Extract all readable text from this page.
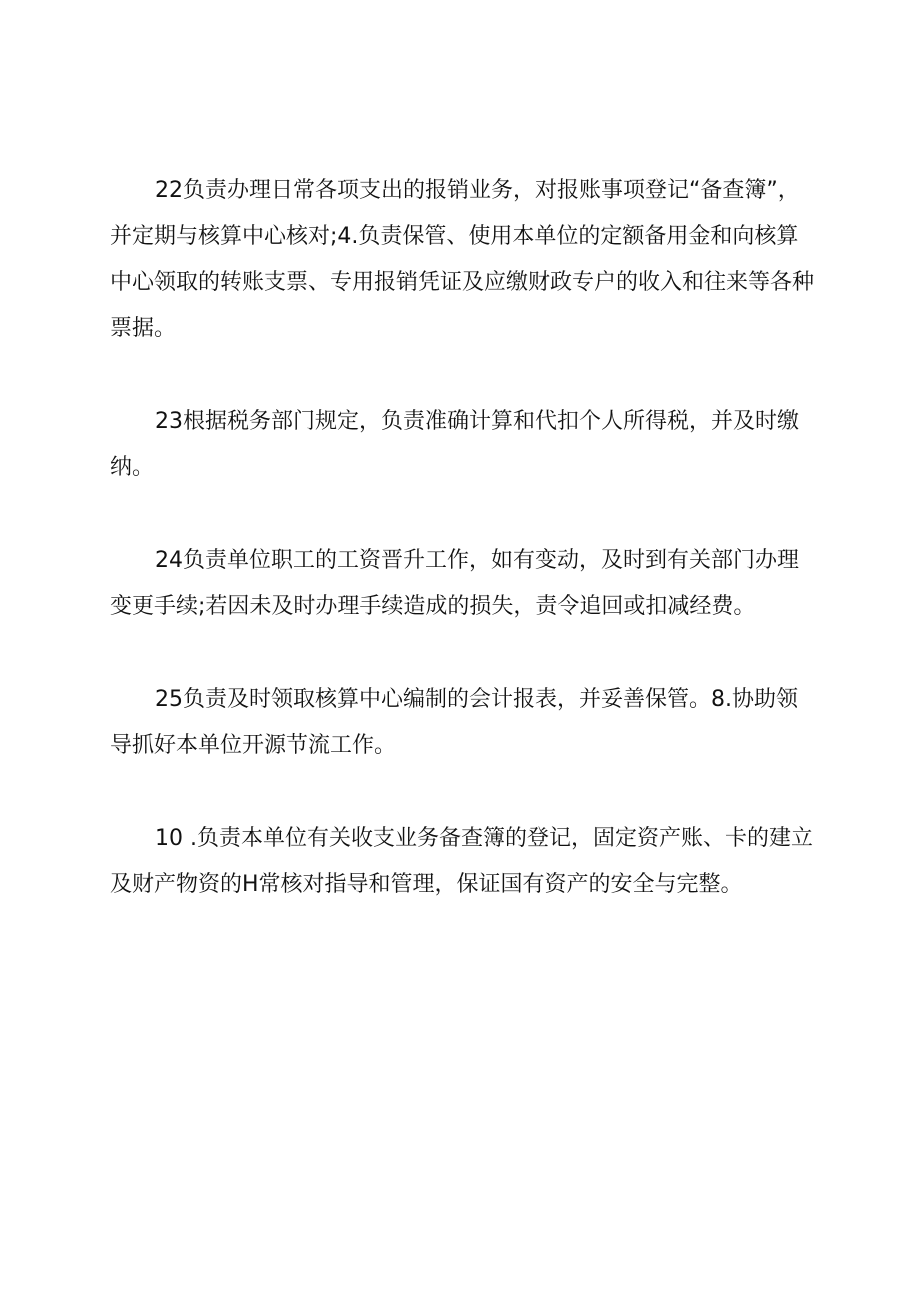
22负责办理日常各项支出的报销业务，对报账事项登记“备查簿”，并定期与核算中心核对;4.负责保管、使用本单位的定额备用金和向核算中心领取的转账支票、专用报销凭证及应缴财政专户的收入和往来等各种票据。

23根据税务部门规定，负责准确计算和代扣个人所得税，并及时缴纳。

24负责单位职工的工资晋升工作，如有变动，及时到有关部门办理变更手续;若因未及时办理手续造成的损失，责令追回或扣减经费。

25负责及时领取核算中心编制的会计报表，并妥善保管。8.协助领导抓好本单位开源节流工作。

10 .负责本单位有关收支业务备查簿的登记，固定资产账、卡的建立及财产物资的H常核对指导和管理，保证国有资产的安全与完整。
